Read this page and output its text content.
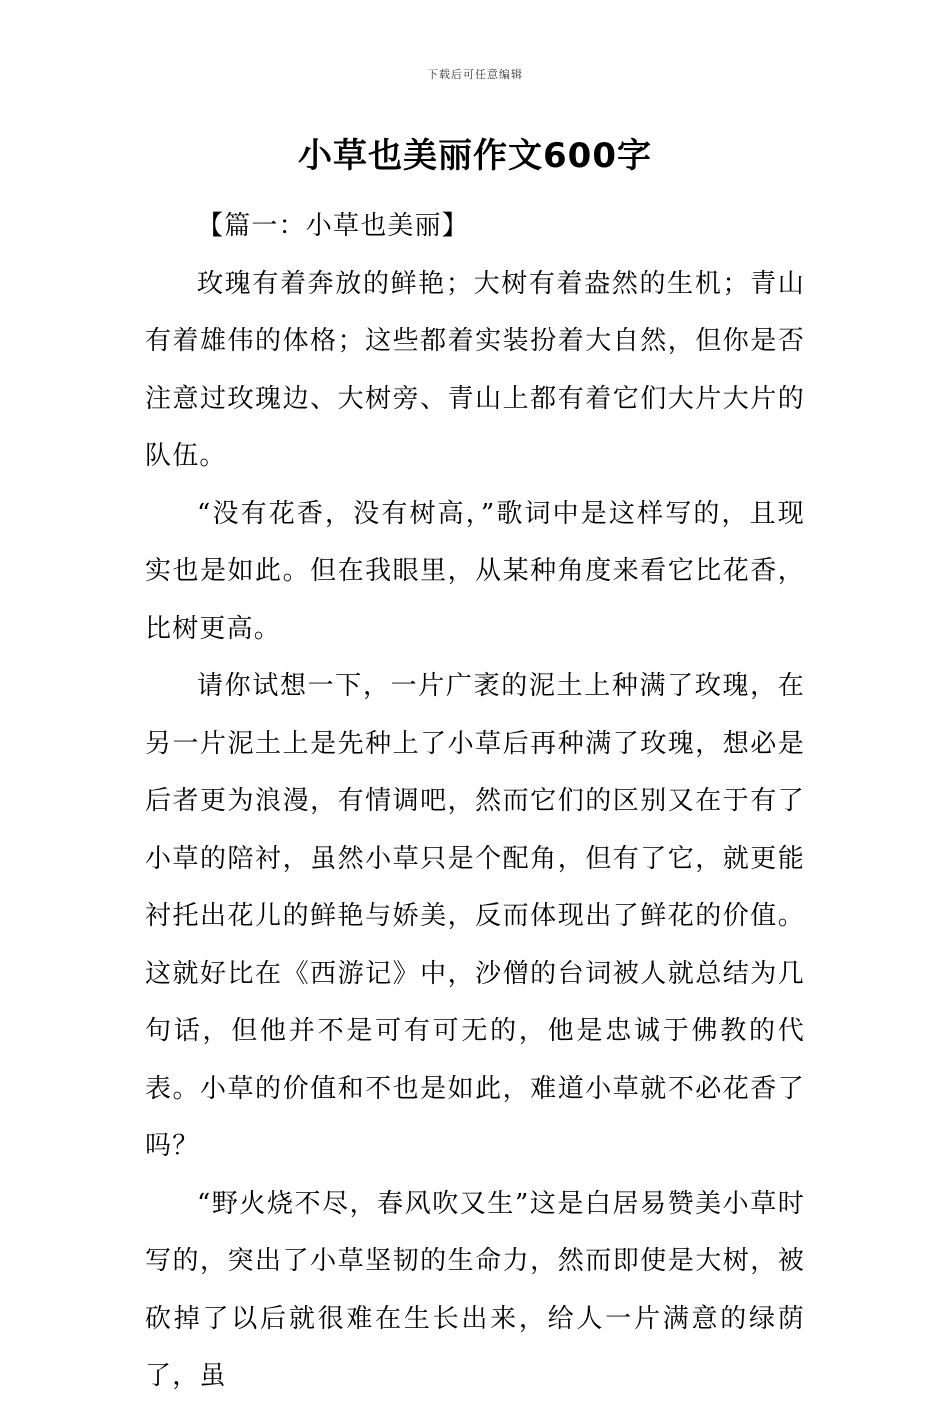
下载后可任意编辑
小草也美丽作文600字

【篇一：小草也美丽】

玫瑰有着奔放的鲜艳；大树有着盎然的生机；青山有着雄伟的体格；这些都着实装扮着大自然，但你是否注意过玫瑰边、大树旁、青山上都有着它们大片大片的队伍。

“没有花香，没有树高，”歌词中是这样写的，且现实也是如此。但在我眼里，从某种角度来看它比花香，比树更高。

请你试想一下，一片广袤的泥土上种满了玫瑰，在另一片泥土上是先种上了小草后再种满了玫瑰，想必是后者更为浪漫，有情调吧，然而它们的区别又在于有了小草的陪衬，虽然小草只是个配角，但有了它，就更能衬托出花儿的鲜艳与娇美，反而体现出了鲜花的价值。这就好比在《西游记》中，沙僧的台词被人就总结为几句话，但他并不是可有可无的，他是忠诚于佛教的代表。小草的价值和不也是如此，难道小草就不必花香了吗？

“野火烧不尽，春风吹又生”这是白居易赞美小草时写的，突出了小草坚韧的生命力，然而即使是大树，被砍掉了以后就很难在生长出来，给人一片满意的绿荫了，虽
